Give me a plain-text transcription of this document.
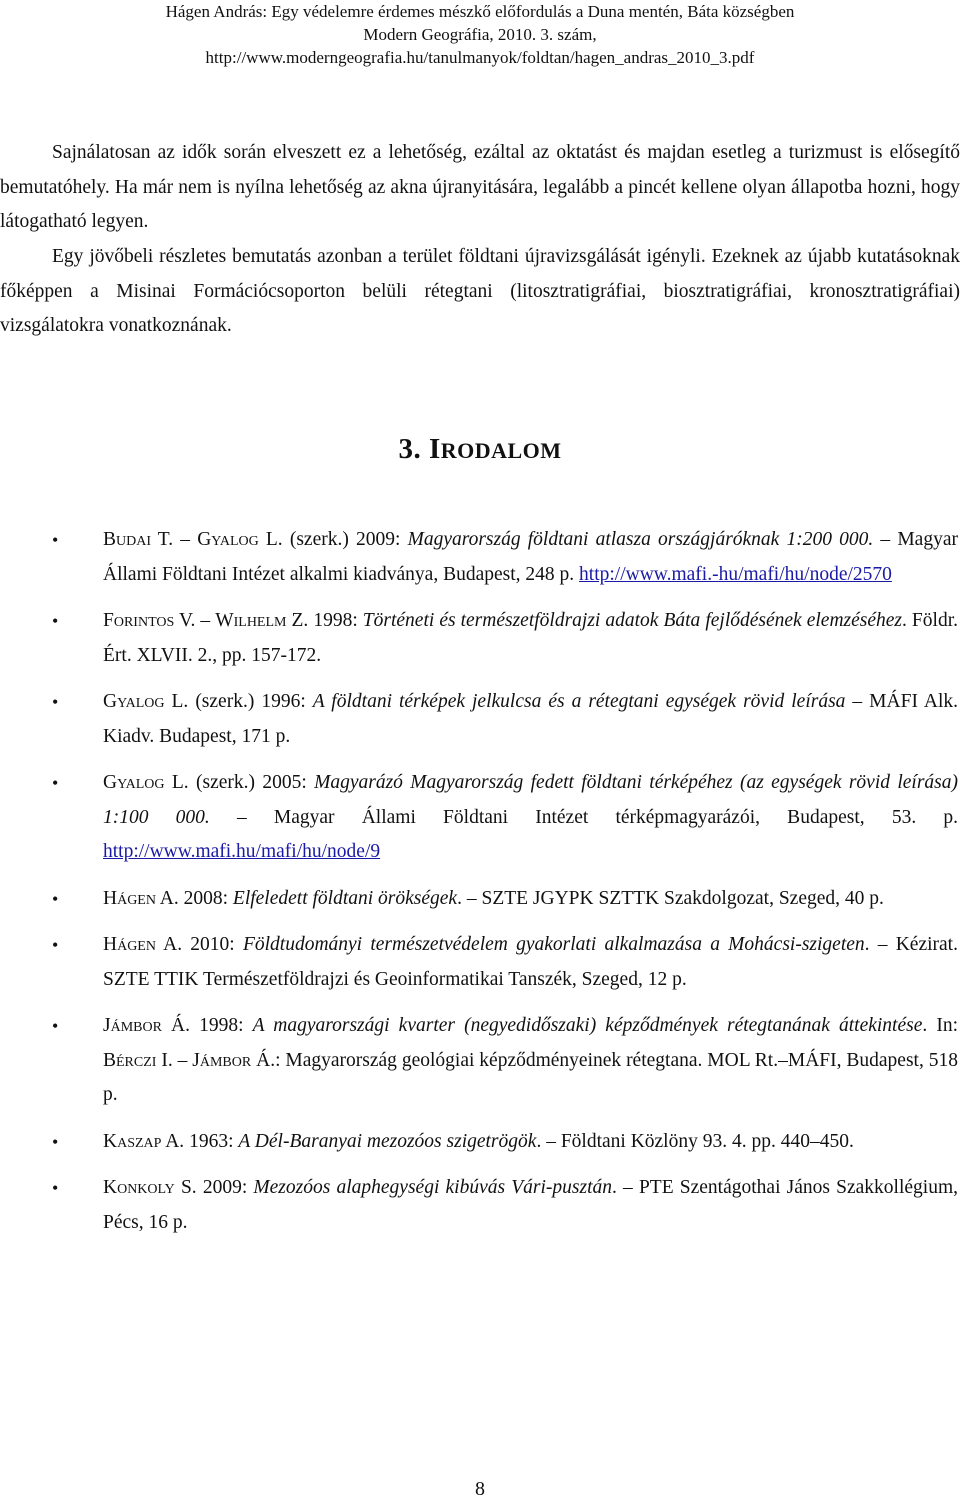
Hágen András: Egy védelemre érdemes mészkő előfordulás a Duna mentén, Báta községben
Modern Geográfia, 2010. 3. szám,
http://www.moderngeografia.hu/tanulmanyok/foldtan/hagen_andras_2010_3.pdf

Sajnálatosan az idők során elveszett ez a lehetőség, ezáltal az oktatást és majdan esetleg a turizmust is elősegítő bemutatóhely. Ha már nem is nyílna lehetőség az akna újranyitására, legalább a pincét kellene olyan állapotba hozni, hogy látogatható legyen.

Egy jövőbeli részletes bemutatás azonban a terület földtani újravizsgálását igényli. Ezeknek az újabb kutatásoknak főképpen a Misinai Formációcsoporton belüli rétegtani (litosztratigráfiai, biosztratigráfiai, kronosztratigráfiai) vizsgálatokra vonatkoznának.

3. IRODALOM
• Budai T. – Gyalog L. (szerk.) 2009: Magyarország földtani atlasza országjáróknak 1:200 000. – Magyar Állami Földtani Intézet alkalmi kiadványa, Budapest, 248 p. http://www.mafi.-hu/mafi/hu/node/2570
• Forintos V. – Wilhelm Z. 1998: Történeti és természetföldrajzi adatok Báta fejlődésének elemzéséhez. Földr. Ért. XLVII. 2., pp. 157-172.
• Gyalog L. (szerk.) 1996: A földtani térképek jelkulcsa és a rétegtani egységek rövid leírása – MÁFI Alk. Kiadv. Budapest, 171 p.
• Gyalog L. (szerk.) 2005: Magyarázó Magyarország fedett földtani térképéhez (az egységek rövid leírása) 1:100 000. – Magyar Állami Földtani Intézet térképmagyarázói, Budapest, 53. p. http://www.mafi.hu/mafi/hu/node/9
• Hágen A. 2008: Elfeledett földtani örökségek. – SZTE JGYPK SZTTK Szakdolgozat, Szeged, 40 p.
• Hágen A. 2010: Földtudományi természetvédelem gyakorlati alkalmazása a Mohácsi-szigeten. – Kézirat. SZTE TTIK Természetföldrajzi és Geoinformatikai Tanszék, Szeged, 12 p.
• Jámbor Á. 1998: A magyarországi kvarter (negyedidőszaki) képződmények rétegtanának áttekintése. In: Bérczi I. – Jámbor Á.: Magyarország geológiai képződményeinek rétegtana. MOL Rt.–MÁFI, Budapest, 518 p.
• Kaszap A. 1963: A Dél-Baranyai mezozóos szigetrögök. – Földtani Közlöny 93. 4. pp. 440–450.
• Konkoly S. 2009: Mezozóos alaphegységi kibúvás Vári-pusztán. – PTE Szentágothai János Szakkollégium, Pécs, 16 p.
8
